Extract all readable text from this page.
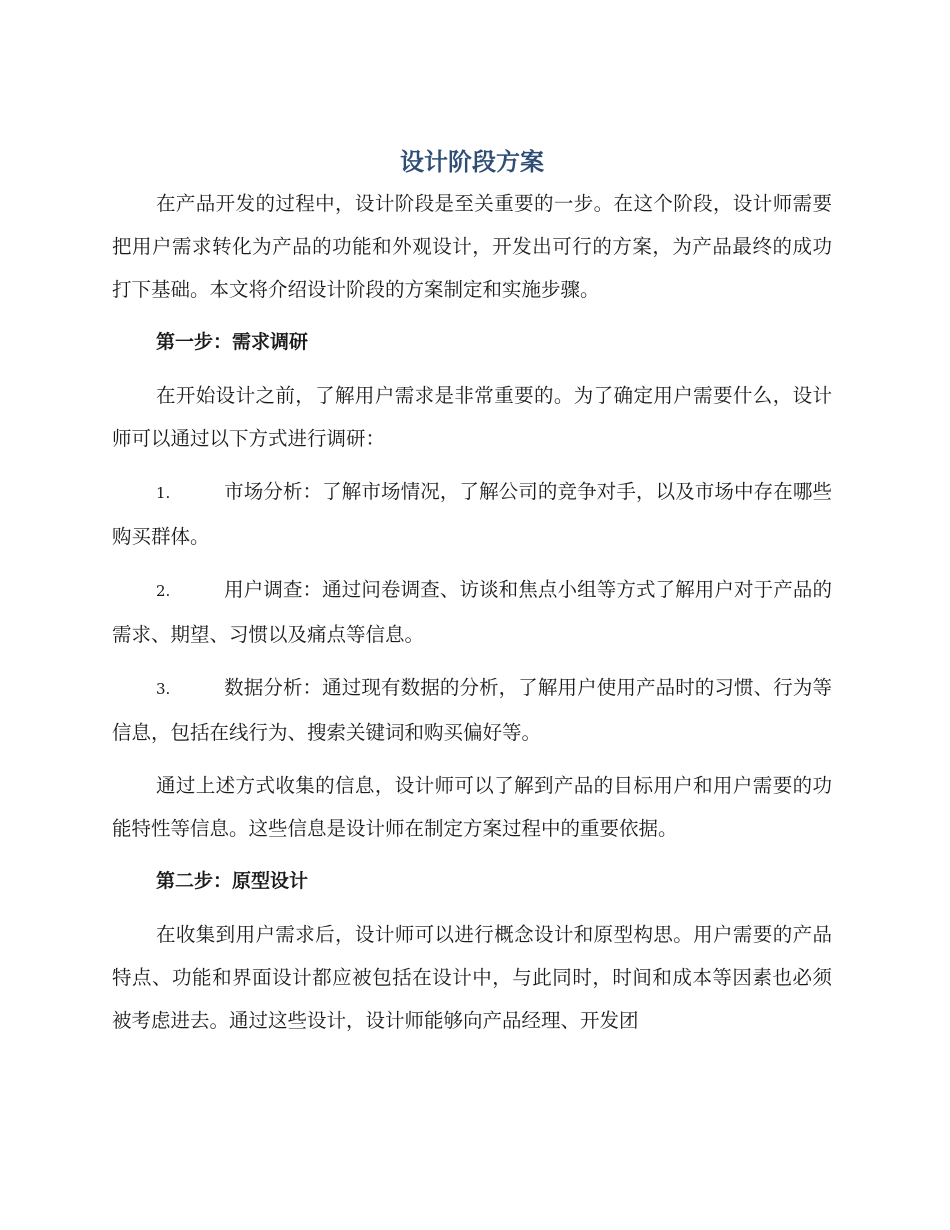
设计阶段方案

在产品开发的过程中，设计阶段是至关重要的一步。在这个阶段，设计师需要把用户需求转化为产品的功能和外观设计，开发出可行的方案，为产品最终的成功打下基础。本文将介绍设计阶段的方案制定和实施步骤。

第一步：需求调研

在开始设计之前，了解用户需求是非常重要的。为了确定用户需要什么，设计师可以通过以下方式进行调研：

1.	市场分析：了解市场情况，了解公司的竞争对手，以及市场中存在哪些购买群体。

2.	用户调查：通过问卷调查、访谈和焦点小组等方式了解用户对于产品的需求、期望、习惯以及痛点等信息。

3.	数据分析：通过现有数据的分析，了解用户使用产品时的习惯、行为等信息，包括在线行为、搜索关键词和购买偏好等。

通过上述方式收集的信息，设计师可以了解到产品的目标用户和用户需要的功能特性等信息。这些信息是设计师在制定方案过程中的重要依据。

第二步：原型设计

在收集到用户需求后，设计师可以进行概念设计和原型构思。用户需要的产品特点、功能和界面设计都应被包括在设计中，与此同时，时间和成本等因素也必须被考虑进去。通过这些设计，设计师能够向产品经理、开发团
